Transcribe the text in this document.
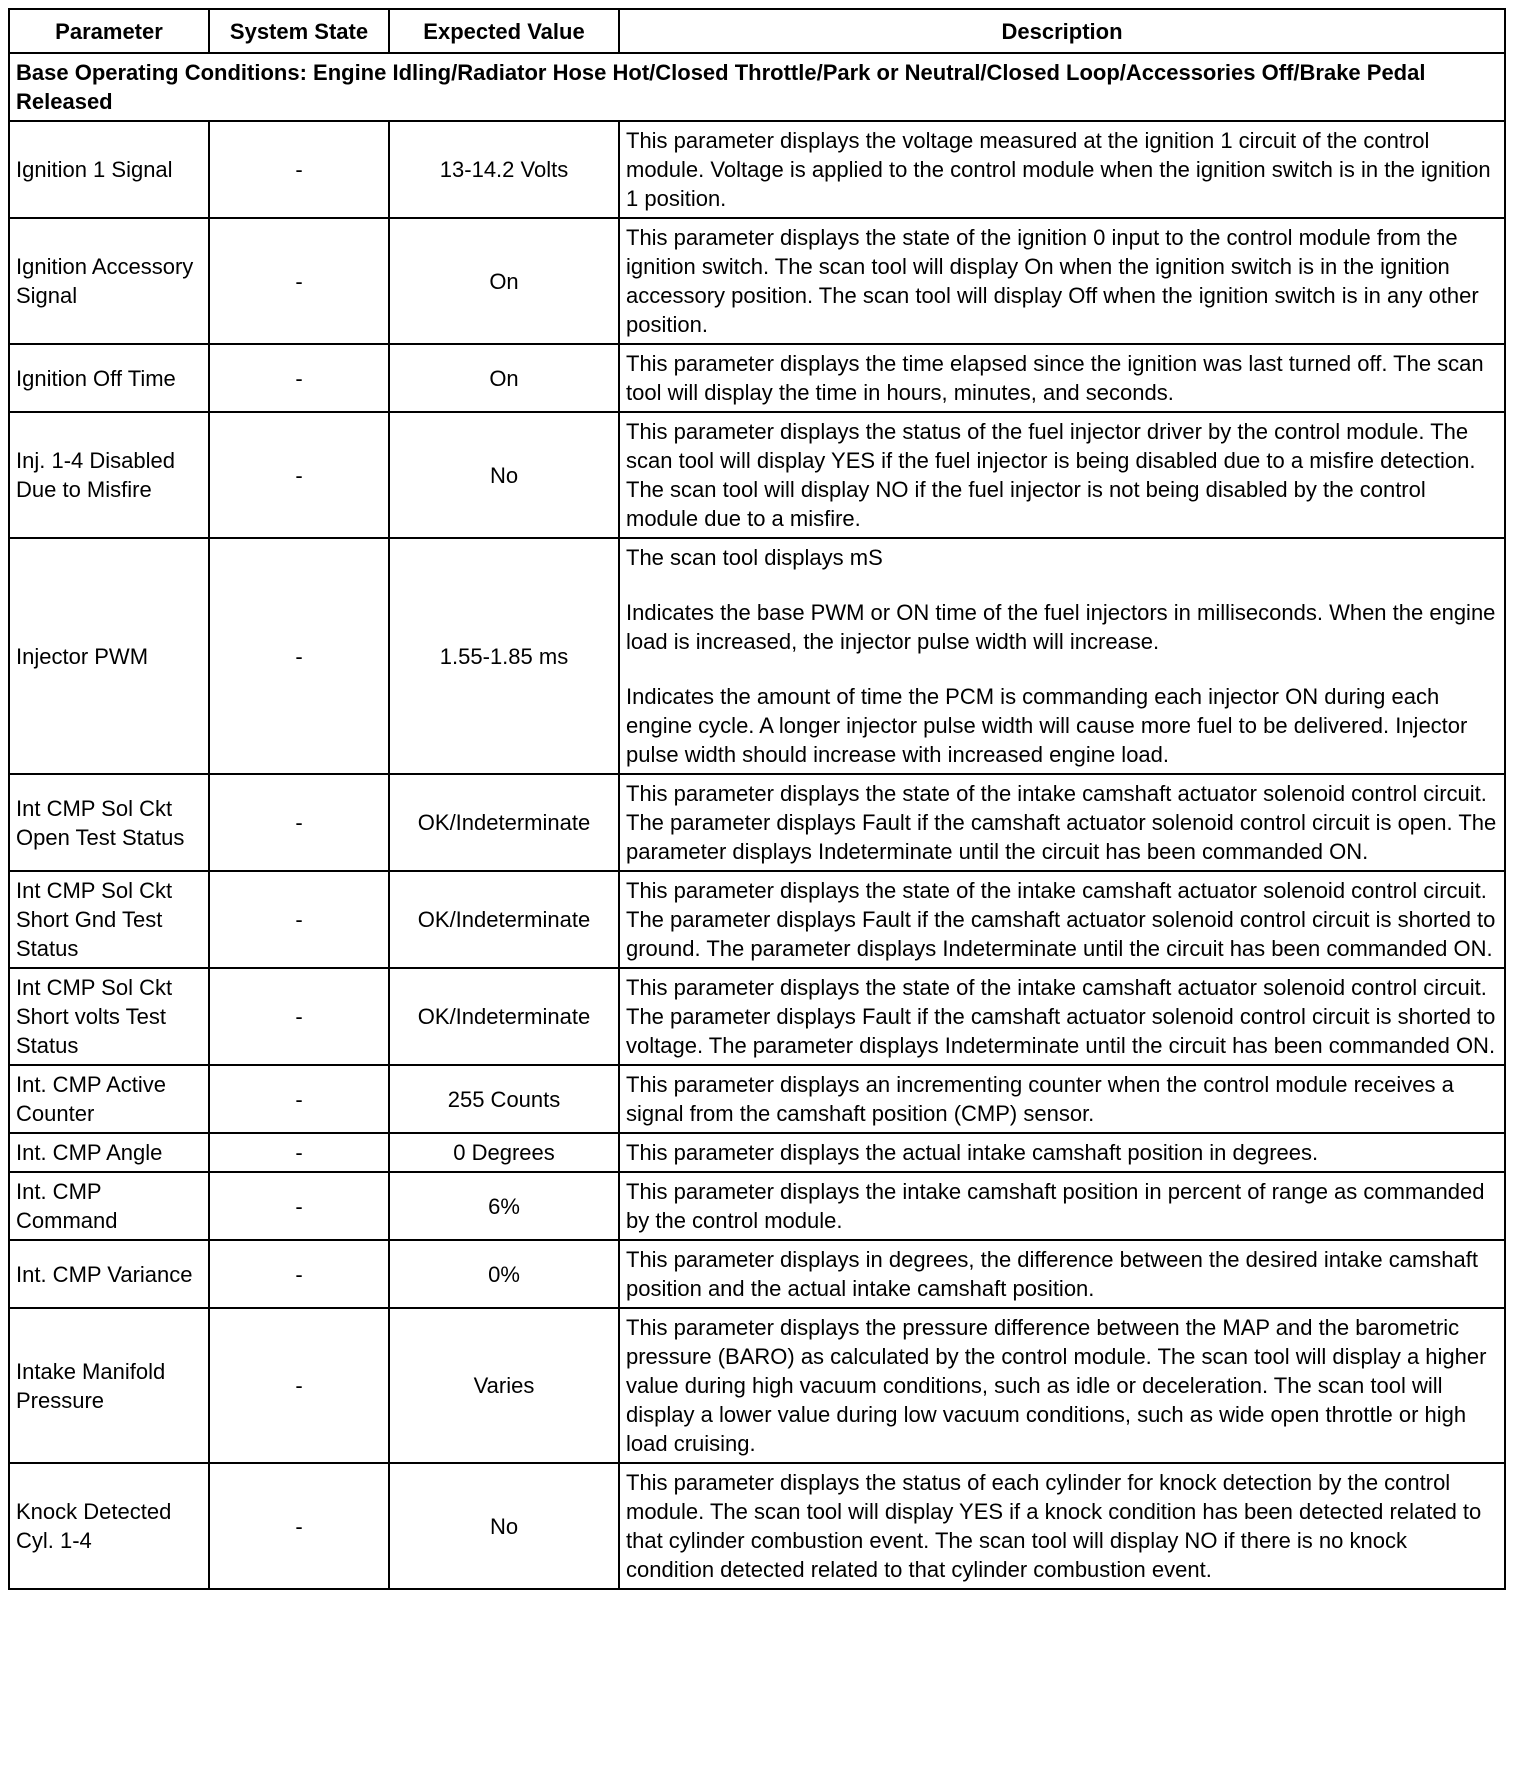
Parameter	System State	Expected Value	Description
Base Operating Conditions: Engine Idling/Radiator Hose Hot/Closed Throttle/Park or Neutral/Closed Loop/Accessories Off/Brake Pedal Released			
Ignition 1 Signal	-	13-14.2 Volts	This parameter displays the voltage measured at the ignition 1 circuit of the control module. Voltage is applied to the control module when the ignition switch is in the ignition 1 position.

Ignition Accessory Signal	-	On	This parameter displays the state of the ignition 0 input to the control module from the ignition switch. The scan tool will display On when the ignition switch is in the ignition accessory position. The scan tool will display Off when the ignition switch is in any other position.

Ignition Off Time	-	On	This parameter displays the time elapsed since the ignition was last turned off. The scan tool will display the time in hours, minutes, and seconds.

Inj. 1-4 Disabled Due to Misfire	-	No	This parameter displays the status of the fuel injector driver by the control module. The scan tool will display YES if the fuel injector is being disabled due to a misfire detection. The scan tool will display NO if the fuel injector is not being disabled by the control module due to a misfire.

Injector PWM	-	1.55-1.85 ms	The scan tool displays mS
Indicates the base PWM or ON time of the fuel injectors in milliseconds. When the engine load is increased, the injector pulse width will increase.
Indicates the amount of time the PCM is commanding each injector ON during each engine cycle. A longer injector pulse width will cause more fuel to be delivered. Injector pulse width should increase with increased engine load.

Int CMP Sol Ckt Open Test Status	-	OK/Indeterminate	This parameter displays the state of the intake camshaft actuator solenoid control circuit. The parameter displays Fault if the camshaft actuator solenoid control circuit is open. The parameter displays Indeterminate until the circuit has been commanded ON.

Int CMP Sol Ckt Short Gnd Test Status	-	OK/Indeterminate	This parameter displays the state of the intake camshaft actuator solenoid control circuit. The parameter displays Fault if the camshaft actuator solenoid control circuit is shorted to ground. The parameter displays Indeterminate until the circuit has been commanded ON.

Int CMP Sol Ckt Short volts Test Status	-	OK/Indeterminate	This parameter displays the state of the intake camshaft actuator solenoid control circuit. The parameter displays Fault if the camshaft actuator solenoid control circuit is shorted to voltage. The parameter displays Indeterminate until the circuit has been commanded ON.

Int. CMP Active Counter	-	255 Counts	This parameter displays an incrementing counter when the control module receives a signal from the camshaft position (CMP) sensor.

Int. CMP Angle	-	0 Degrees	This parameter displays the actual intake camshaft position in degrees.

Int. CMP Command	-	6%	This parameter displays the intake camshaft position in percent of range as commanded by the control module.

Int. CMP Variance	-	0%	This parameter displays in degrees, the difference between the desired intake camshaft position and the actual intake camshaft position.

Intake Manifold Pressure	-	Varies	This parameter displays the pressure difference between the MAP and the barometric pressure (BARO) as calculated by the control module. The scan tool will display a higher value during high vacuum conditions, such as idle or deceleration. The scan tool will display a lower value during low vacuum conditions, such as wide open throttle or high load cruising.

Knock Detected Cyl. 1-4	-	No	This parameter displays the status of each cylinder for knock detection by the control module. The scan tool will display YES if a knock condition has been detected related to that cylinder combustion event. The scan tool will display NO if there is no knock condition detected related to that cylinder combustion event.
